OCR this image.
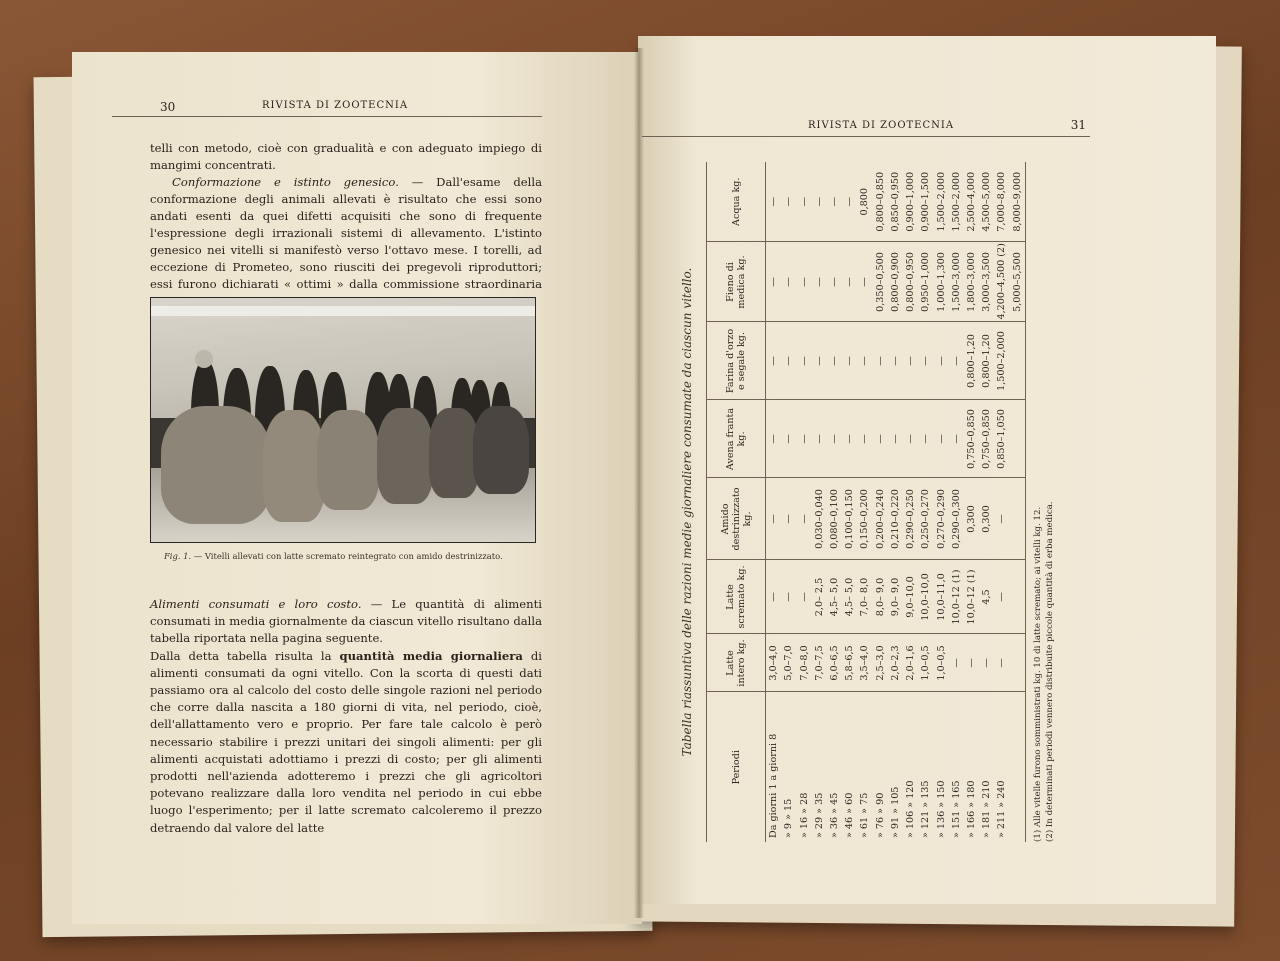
30	RIVISTA DI ZOOTECNIA

telli con metodo, cioè con gradualità e con adeguato impiego di mangimi concentrati.

Conformazione e istinto genesico. — Dall'esame della conformazione degli animali allevati è risultato che essi sono andati esenti da quei difetti acquisiti che sono di frequente l'espressione degli irrazionali sistemi di allevamento. L'istinto genesico nei vitelli si manifestò verso l'ottavo mese. I torelli, ad eccezione di Prometeo, sono riusciti dei pregevoli riproduttori; essi furono dichiarati « ottimi » dalla commissione straordinaria

Fig. 1. — Vitelli allevati con latte scremato reintegrato con amido destrinizzato.

Alimenti consumati e loro costo. — Le quantità di alimenti consumati in media giornalmente da ciascun vitello risultano dalla tabella riportata nella pagina seguente.

Dalla detta tabella risulta la quantità media giornaliera di alimenti consumati da ogni vitello. Con la scorta di questi dati passiamo ora al calcolo del costo delle singole razioni nel periodo che corre dalla nascita a 180 giorni di vita, nel periodo, cioè, dell'allattamento vero e proprio. Per fare tale calcolo è però necessario stabilire i prezzi unitari dei singoli alimenti: per gli alimenti acquistati adottiamo i prezzi di costo; per gli alimenti prodotti nell'azienda adotteremo i prezzi che gli agricoltori potevano realizzare dalla loro vendita nel periodo in cui ebbe luogo l'esperimento; per il latte scremato calcoleremo il prezzo detraendo dal valore del latte

RIVISTA DI ZOOTECNIA	31
Tabella riassuntiva delle razioni medie giornaliere consumate da ciascun vitello.
Periodi	Latte intero kg.	Latte scremato kg.	Amido destrinizzato kg.	Avena franta kg.	Farina d'orzo e segale kg.	Fieno di medica kg.	Acqua kg.
Da giorni 1 a giorni 8	3,0–4,0	—	—	—	—	—	—
» 9 » 15	5,0–7,0	—	—	—	—	—	—
» 16 » 28	7,0–8,0	—	—	—	—	—	—
» 29 » 35	7,0–7,5	2,0– 2,5	0,030–0,040	—	—	—	—
» 36 » 45	6,0–6,5	4,5– 5,0	0,080–0,100	—	—	—	—
» 46 » 60	5,8–6,5	4,5– 5,0	0,100–0,150	—	—	—	—
» 61 » 75	3,5–4,0	7,0– 8,0	0,150–0,200	—	—	—	0,800
» 76 » 90	2,5–3,0	8,0– 9,0	0,200–0,240	—	—	0,350–0,500	0,800–0,850
» 91 » 105	2,0–2,3	9,0– 9,0	0,210–0,220	—	—	0,800–0,900	0,850–0,950
» 106 » 120	2,0–1,6	9,0–10,0	0,290–0,250	—	—	0,800–0,950	0,900–1,000
» 121 » 135	1,0–0,5	10,0–10,0	0,250–0,270	—	—	0,950–1,000	0,900–1,500
» 136 » 150	1,0–0,5	10,0–11,0	0,270–0,290	—	—	1,000–1,300	1,500–2,000
» 151 » 165	—	10,0–12 (1)	0,290–0,300	—	—	1,500–3,000	1,500–2,000
» 166 » 180	—	10,0–12 (1)	0,300	0,750–0,850	0,800–1,20	1,800–3,000	2,500–4,000
» 181 » 210	—	4,5	0,300	0,750–0,850	0,800–1,20	3,000–3,500	4,500–5,000
» 211 » 240	—	—	—	0,850–1,050	1,500–2,000	4,200–4,500 (2)	7,000–8,000
						5,000–5,500	8,000–9,000
(1) Alle vitelle furono somministrati kg. 10 di latte scremato; ai vitelli kg. 12. (2) In determinati periodi vennero distribuite piccole quantità di erba medica.
